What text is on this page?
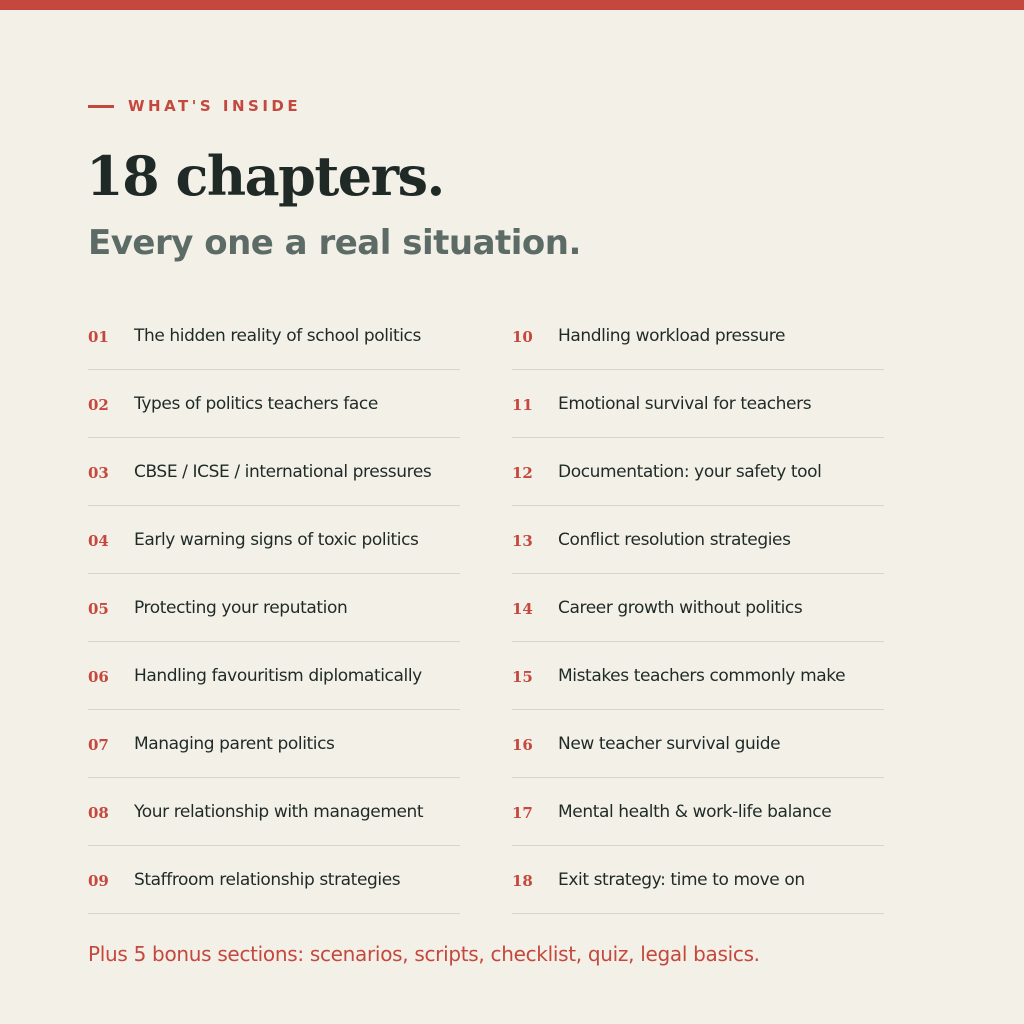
WHAT'S INSIDE
18 chapters.
Every one a real situation.
01	The hidden reality of school politics
02	Types of politics teachers face
03	CBSE / ICSE / international pressures
04	Early warning signs of toxic politics
05	Protecting your reputation
06	Handling favouritism diplomatically
07	Managing parent politics
08	Your relationship with management
09	Staffroom relationship strategies
10	Handling workload pressure
11	Emotional survival for teachers
12	Documentation: your safety tool
13	Conflict resolution strategies
14	Career growth without politics
15	Mistakes teachers commonly make
16	New teacher survival guide
17	Mental health & work-life balance
18	Exit strategy: time to move on

Plus 5 bonus sections: scenarios, scripts, checklist, quiz, legal basics.
